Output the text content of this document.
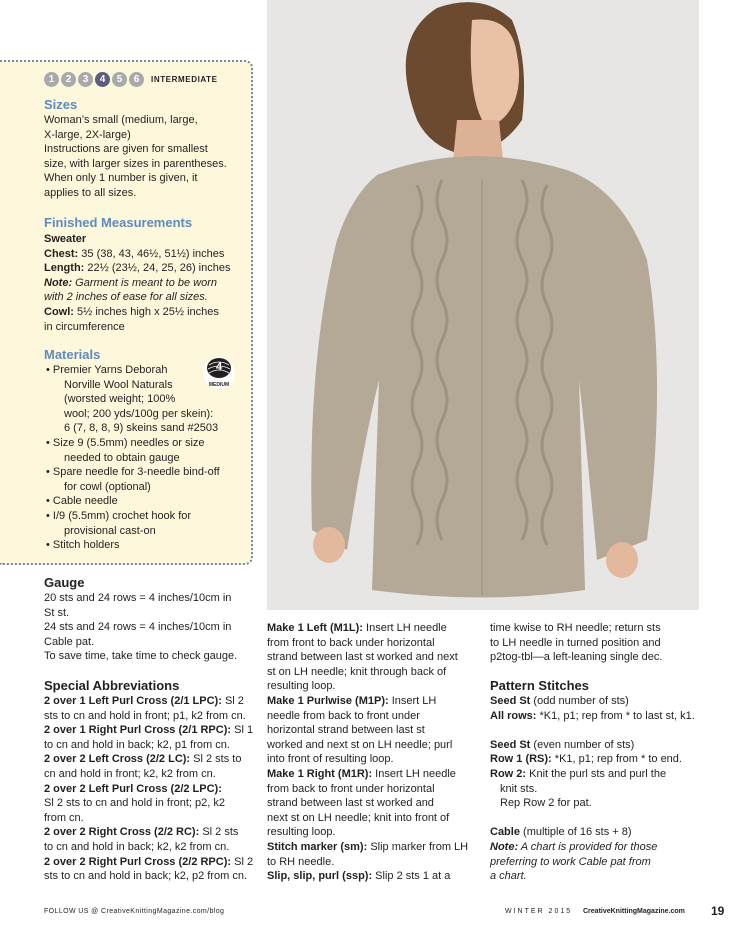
1	2	3	4	5	6	INTERMEDIATE
Sizes
Woman’s small (medium, large,
X-large, 2X-large)
Instructions are given for smallest
size, with larger sizes in parentheses.
When only 1 number is given, it
applies to all sizes.
Finished Measurements
Sweater
Chest: 35 (38, 43, 46½, 51½) inches
Length: 22½ (23½, 24, 25, 26) inches
Note: Garment is meant to be worn
with 2 inches of ease for all sizes.
Cowl: 5½ inches high x 25½ inches
in circumference
Materials
4
MEDIUM
• Premier Yarns Deborah
Norville Wool Naturals
(worsted weight; 100%
wool; 200 yds/100g per skein):
6 (7, 8, 8, 9) skeins sand #2503
• Size 9 (5.5mm) needles or size
needed to obtain gauge
• Spare needle for 3-needle bind-off
for cowl (optional)
• Cable needle
• I/9 (5.5mm) crochet hook for
provisional cast-on
• Stitch holders
Gauge
20 sts and 24 rows = 4 inches/10cm in
St st.
24 sts and 24 rows = 4 inches/10cm in
Cable pat.
To save time, take time to check gauge.
Special Abbreviations
2 over 1 Left Purl Cross (2/1 LPC): Sl 2
sts to cn and hold in front; p1, k2 from cn.
2 over 1 Right Purl Cross (2/1 RPC): Sl 1
to cn and hold in back; k2, p1 from cn.
2 over 2 Left Cross (2/2 LC): Sl 2 sts to
cn and hold in front; k2, k2 from cn.
2 over 2 Left Purl Cross (2/2 LPC):
Sl 2 sts to cn and hold in front; p2, k2
from cn.
2 over 2 Right Cross (2/2 RC): Sl 2 sts
to cn and hold in back; k2, k2 from cn.
2 over 2 Right Purl Cross (2/2 RPC): Sl 2
sts to cn and hold in back; k2, p2 from cn.
Make 1 Left (M1L): Insert LH needle
from front to back under horizontal
strand between last st worked and next
st on LH needle; knit through back of
resulting loop.
Make 1 Purlwise (M1P): Insert LH
needle from back to front under
horizontal strand between last st
worked and next st on LH needle; purl
into front of resulting loop.
Make 1 Right (M1R): Insert LH needle
from back to front under horizontal
strand between last st worked and
next st on LH needle; knit into front of
resulting loop.
Stitch marker (sm): Slip marker from LH
to RH needle.
Slip, slip, purl (ssp): Slip 2 sts 1 at a
time kwise to RH needle; return sts
to LH needle in turned position and
p2tog-tbl—a left-leaning single dec.
Pattern Stitches
Seed St (odd number of sts)
All rows: *K1, p1; rep from * to last st, k1.
Seed St (even number of sts)
Row 1 (RS): *K1, p1; rep from * to end.
Row 2: Knit the purl sts and purl the
knit sts.
Rep Row 2 for pat.
Cable (multiple of 16 sts + 8)
Note: A chart is provided for those
preferring to work Cable pat from
a chart.
FOLLOW US @ CreativeKnittingMagazine.com/blog	WINTER 2015 CreativeKnittingMagazine.com 19
